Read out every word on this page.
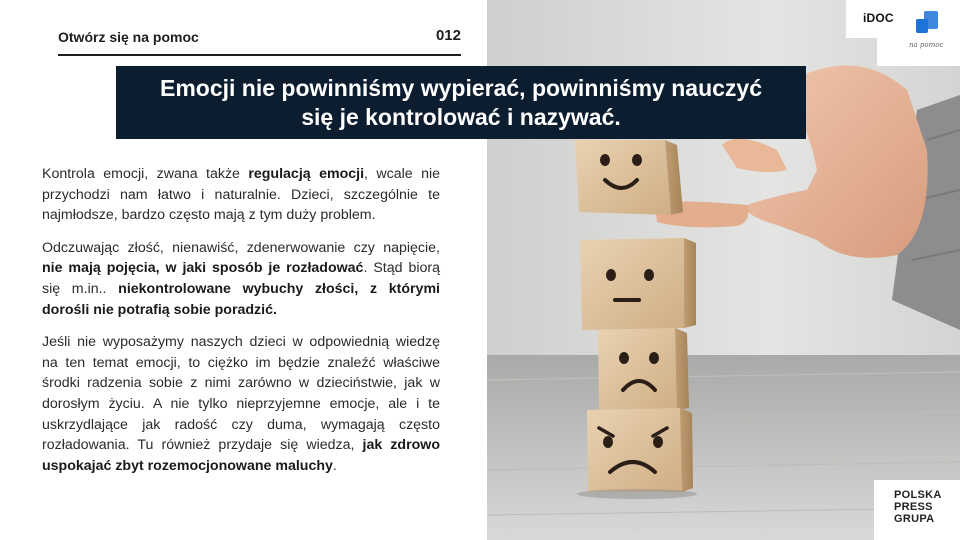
Otwórz się na pomoc	012
Emocji nie powinniśmy wypierać, powinniśmy nauczyć
się je kontrolować i nazywać.

Kontrola emocji, zwana także regulacją emocji, wcale nie przychodzi nam łatwo i naturalnie. Dzieci, szczególnie te najmłodsze, bardzo często mają z tym duży problem.

Odczuwając złość, nienawiść, zdenerwowanie czy napięcie, nie mają pojęcia, w jaki sposób je rozładować. Stąd biorą się m.in.. niekontrolowane wybuchy złości, z którymi dorośli nie potrafią sobie poradzić.

Jeśli nie wyposażymy naszych dzieci w odpowiednią wiedzę na ten temat emocji, to ciężko im będzie znaleźć właściwe środki radzenia sobie z nimi zarówno w dzieciństwie, jak w dorosłym życiu. A nie tylko nieprzyjemne emocje, ale i te uskrzydlające jak radość czy duma, wymagają często rozładowania. Tu również przydaje się wiedza, jak zdrowo uspokajać zbyt rozemocjonowane maluchy.

iDOC
na pomoc
POLSKA
PRESS
GRUPA
